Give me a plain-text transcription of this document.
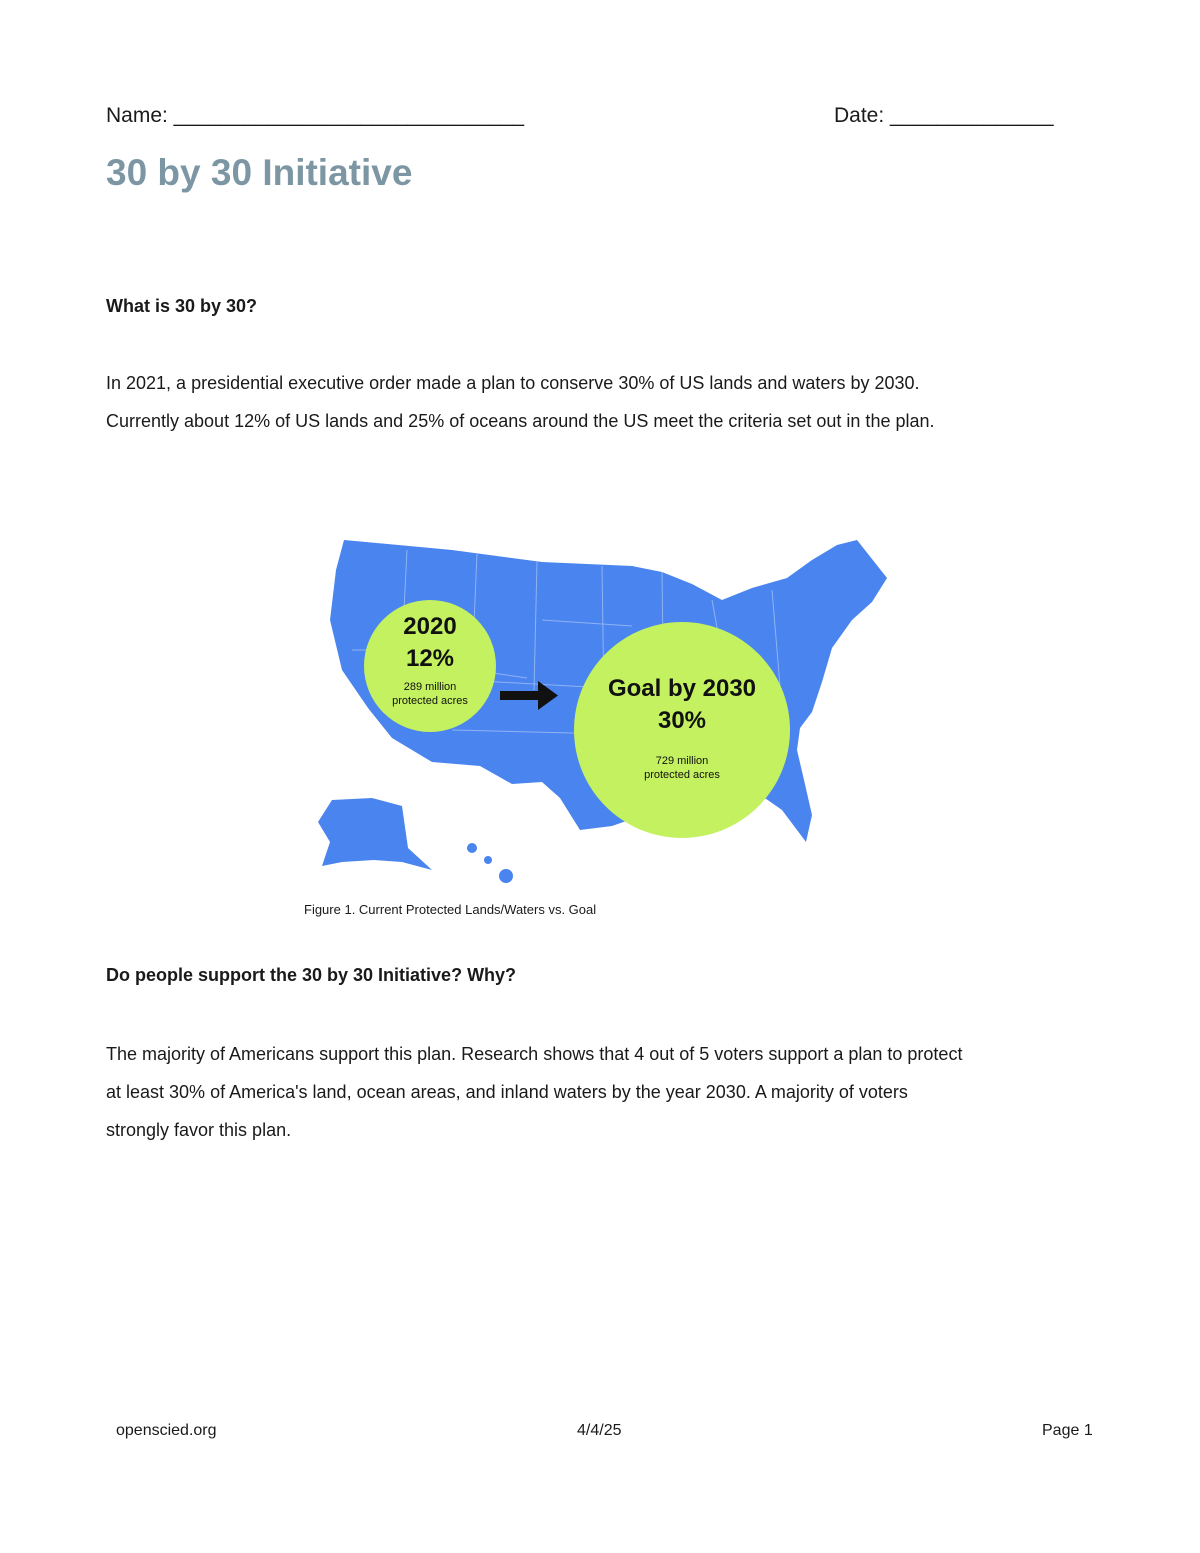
Name: ______________________________	Date: ______________
30 by 30 Initiative
What is 30 by 30?

In 2021, a presidential executive order made a plan to conserve 30% of US lands and waters by 2030.

Currently about 12% of US lands and 25% of oceans around the US meet the criteria set out in the plan.

2020
12%
289 million
protected acres	Goal by 2030
30%
729 million
protected acres
Figure 1. Current Protected Lands/Waters vs. Goal
Do people support the 30 by 30 Initiative? Why?

The majority of Americans support this plan. Research shows that 4 out of 5 voters support a plan to protect

at least 30% of America's land, ocean areas, and inland waters by the year 2030. A majority of voters

strongly favor this plan.

openscied.org	4/4/25	Page 1
